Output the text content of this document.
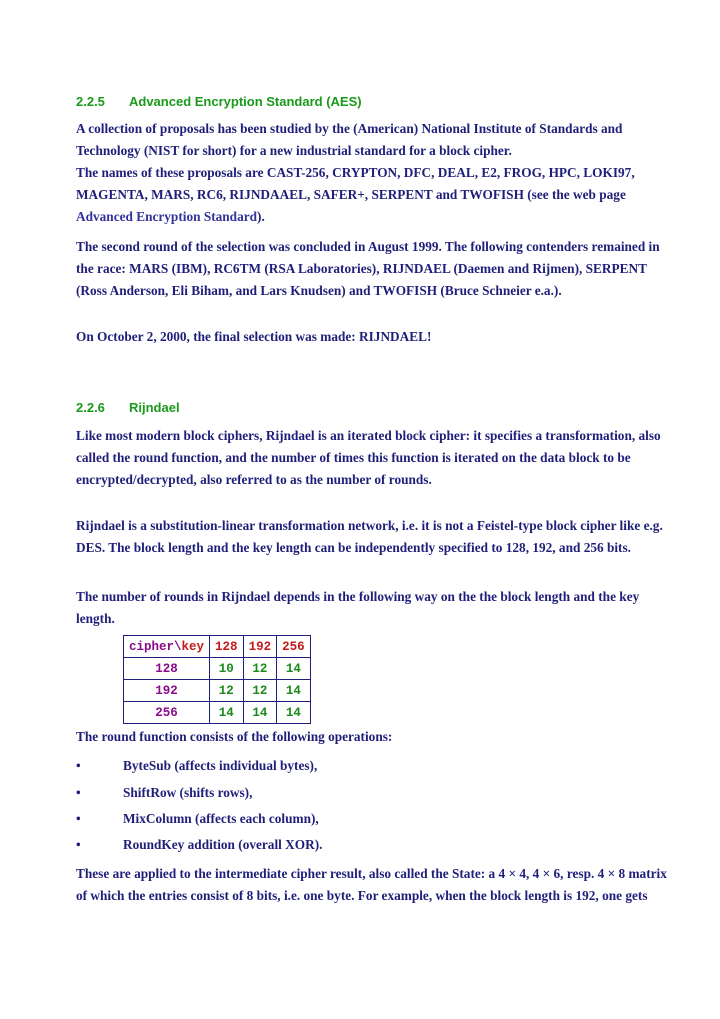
2.2.5 Advanced Encryption Standard (AES)
A collection of proposals has been studied by the (American) National Institute of Standards and Technology (NIST for short) for a new industrial standard for a block cipher.
The names of these proposals are CAST-256, CRYPTON, DFC, DEAL, E2, FROG, HPC, LOKI97, MAGENTA, MARS, RC6, RIJNDAAEL, SAFER+, SERPENT and TWOFISH (see the web page Advanced Encryption Standard).
The second round of the selection was concluded in August 1999. The following contenders remained in the race: MARS (IBM), RC6TM (RSA Laboratories), RIJNDAEL (Daemen and Rijmen), SERPENT (Ross Anderson, Eli Biham, and Lars Knudsen) and TWOFISH (Bruce Schneier e.a.).
On October 2, 2000, the final selection was made: RIJNDAEL!
2.2.6 Rijndael
Like most modern block ciphers, Rijndael is an iterated block cipher: it specifies a transformation, also called the round function, and the number of times this function is iterated on the data block to be encrypted/decrypted, also referred to as the number of rounds.
Rijndael is a substitution-linear transformation network, i.e. it is not a Feistel-type block cipher like e.g. DES. The block length and the key length can be independently specified to 128, 192, and 256 bits.
The number of rounds in Rijndael depends in the following way on the the block length and the key length.
cipher\key	128	192	256
128	10	12	14
192	12	12	14
256	14	14	14
The round function consists of the following operations:
•	ByteSub (affects individual bytes),
•	ShiftRow (shifts rows),
•	MixColumn (affects each column),
•	RoundKey addition (overall XOR).
These are applied to the intermediate cipher result, also called the State: a 4 × 4, 4 × 6, resp. 4 × 8 matrix of which the entries consist of 8 bits, i.e. one byte. For example, when the block length is 192, one gets
